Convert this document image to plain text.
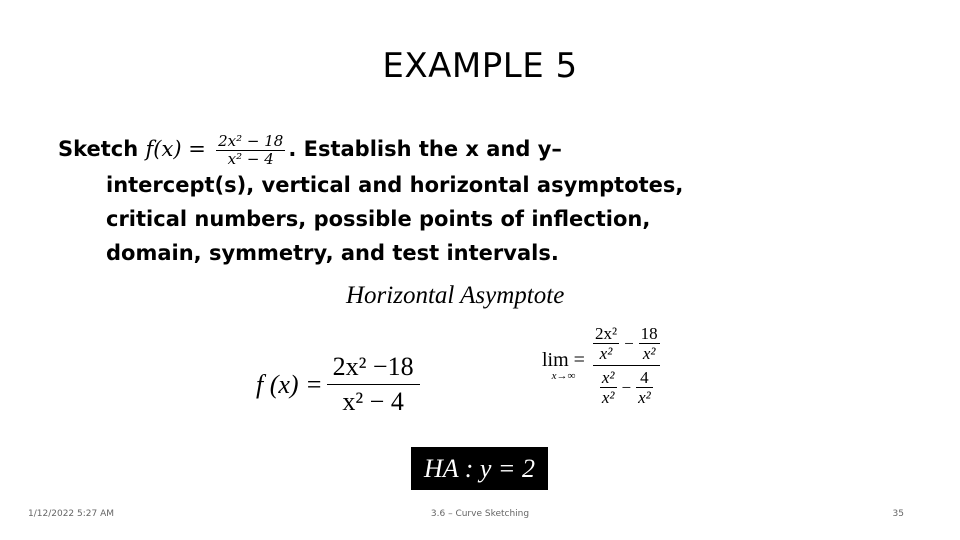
EXAMPLE 5
Sketch $f(x) = \frac{\text{2x² − 18}}{\text{x² − 4}}$ . Establish the x and y–
intercept(s), vertical and horizontal asymptotes,
critical numbers, possible points of inflection,
domain, symmetry, and test intervals.
Horizontal Asymptote
f $(x) = \frac{\text{2x² −18}}{\text{x² − 4}}$	lim =
x→∞
$\frac{\text{2x²}}{\text{x²}} - \frac{18}{\text{x²}}$
$\frac{\text{x²}}{\text{x²}} - \frac{4}{\text{x²}}$
HA : y = 2
1/12/2022 5:27 AM	3.6 – Curve Sketching	35
